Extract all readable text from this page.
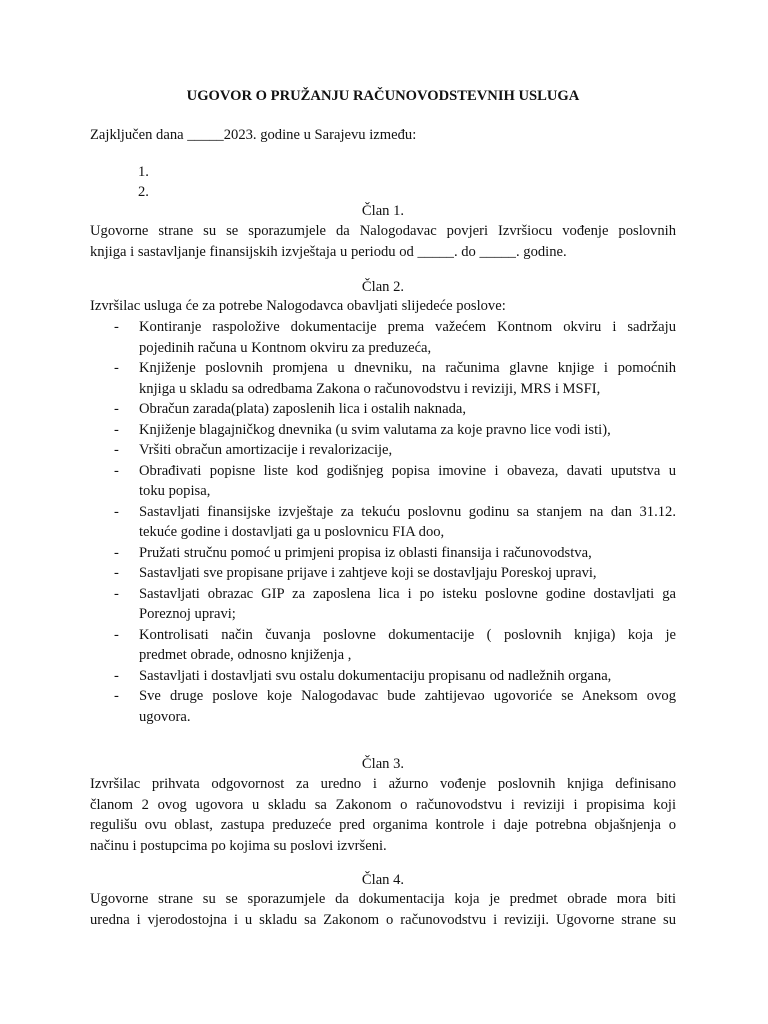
UGOVOR O PRUŽANJU RAČUNOVODSTEVNIH USLUGA
Zajključen dana _____2023. godine u Sarajevu između:
1.
2.
Član 1.
Ugovorne strane su se sporazumjele da Nalogodavac povjeri Izvršiocu vođenje poslovnih
knjiga i sastavljanje finansijskih izvještaja u periodu od _____. do _____. godine.
Član 2.
Izvršilac usluga će za potrebe Nalogodavca obavljati slijedeće poslove:
- Kontiranje raspoložive dokumentacije prema važećem Kontnom okviru i sadržaju
pojedinih računa u Kontnom okviru za preduzeća,
- Knjiženje poslovnih promjena u dnevniku, na računima glavne knjige i pomoćnih
knjiga u skladu sa odredbama Zakona o računovodstvu i reviziji, MRS i MSFI,
- Obračun zarada(plata) zaposlenih lica i ostalih naknada,
- Knjiženje blagajničkog dnevnika (u svim valutama za koje pravno lice vodi isti),
- Vršiti obračun amortizacije i revalorizacije,
- Obrađivati popisne liste kod godišnjeg popisa imovine i obaveza, davati uputstva u
toku popisa,
- Sastavljati finansijske izvještaje za tekuću poslovnu godinu sa stanjem na dan 31.12.
tekuće godine i dostavljati ga u poslovnicu FIA doo,
- Pružati stručnu pomoć u primjeni propisa iz oblasti finansija i računovodstva,
- Sastavljati sve propisane prijave i zahtjeve koji se dostavljaju Poreskoj upravi,
- Sastavljati obrazac GIP za zaposlena lica i po isteku poslovne godine dostavljati ga
Poreznoj upravi;
- Kontrolisati način čuvanja poslovne dokumentacije ( poslovnih knjiga) koja je
predmet obrade, odnosno knjiženja ,
- Sastavljati i dostavljati svu ostalu dokumentaciju propisanu od nadležnih organa,
- Sve druge poslove koje Nalogodavac bude zahtijevao ugovoriće se Aneksom ovog
ugovora.
Član 3.
Izvršilac prihvata odgovornost za uredno i ažurno vođenje poslovnih knjiga definisano
članom 2 ovog ugovora u skladu sa Zakonom o računovodstvu i reviziji i propisima koji
regulišu ovu oblast, zastupa preduzeće pred organima kontrole i daje potrebna objašnjenja o
načinu i postupcima po kojima su poslovi izvršeni.
Član 4.
Ugovorne strane su se sporazumjele da dokumentacija koja je predmet obrade mora biti
uredna i vjerodostojna i u skladu sa Zakonom o računovodstvu i reviziji. Ugovorne strane su
